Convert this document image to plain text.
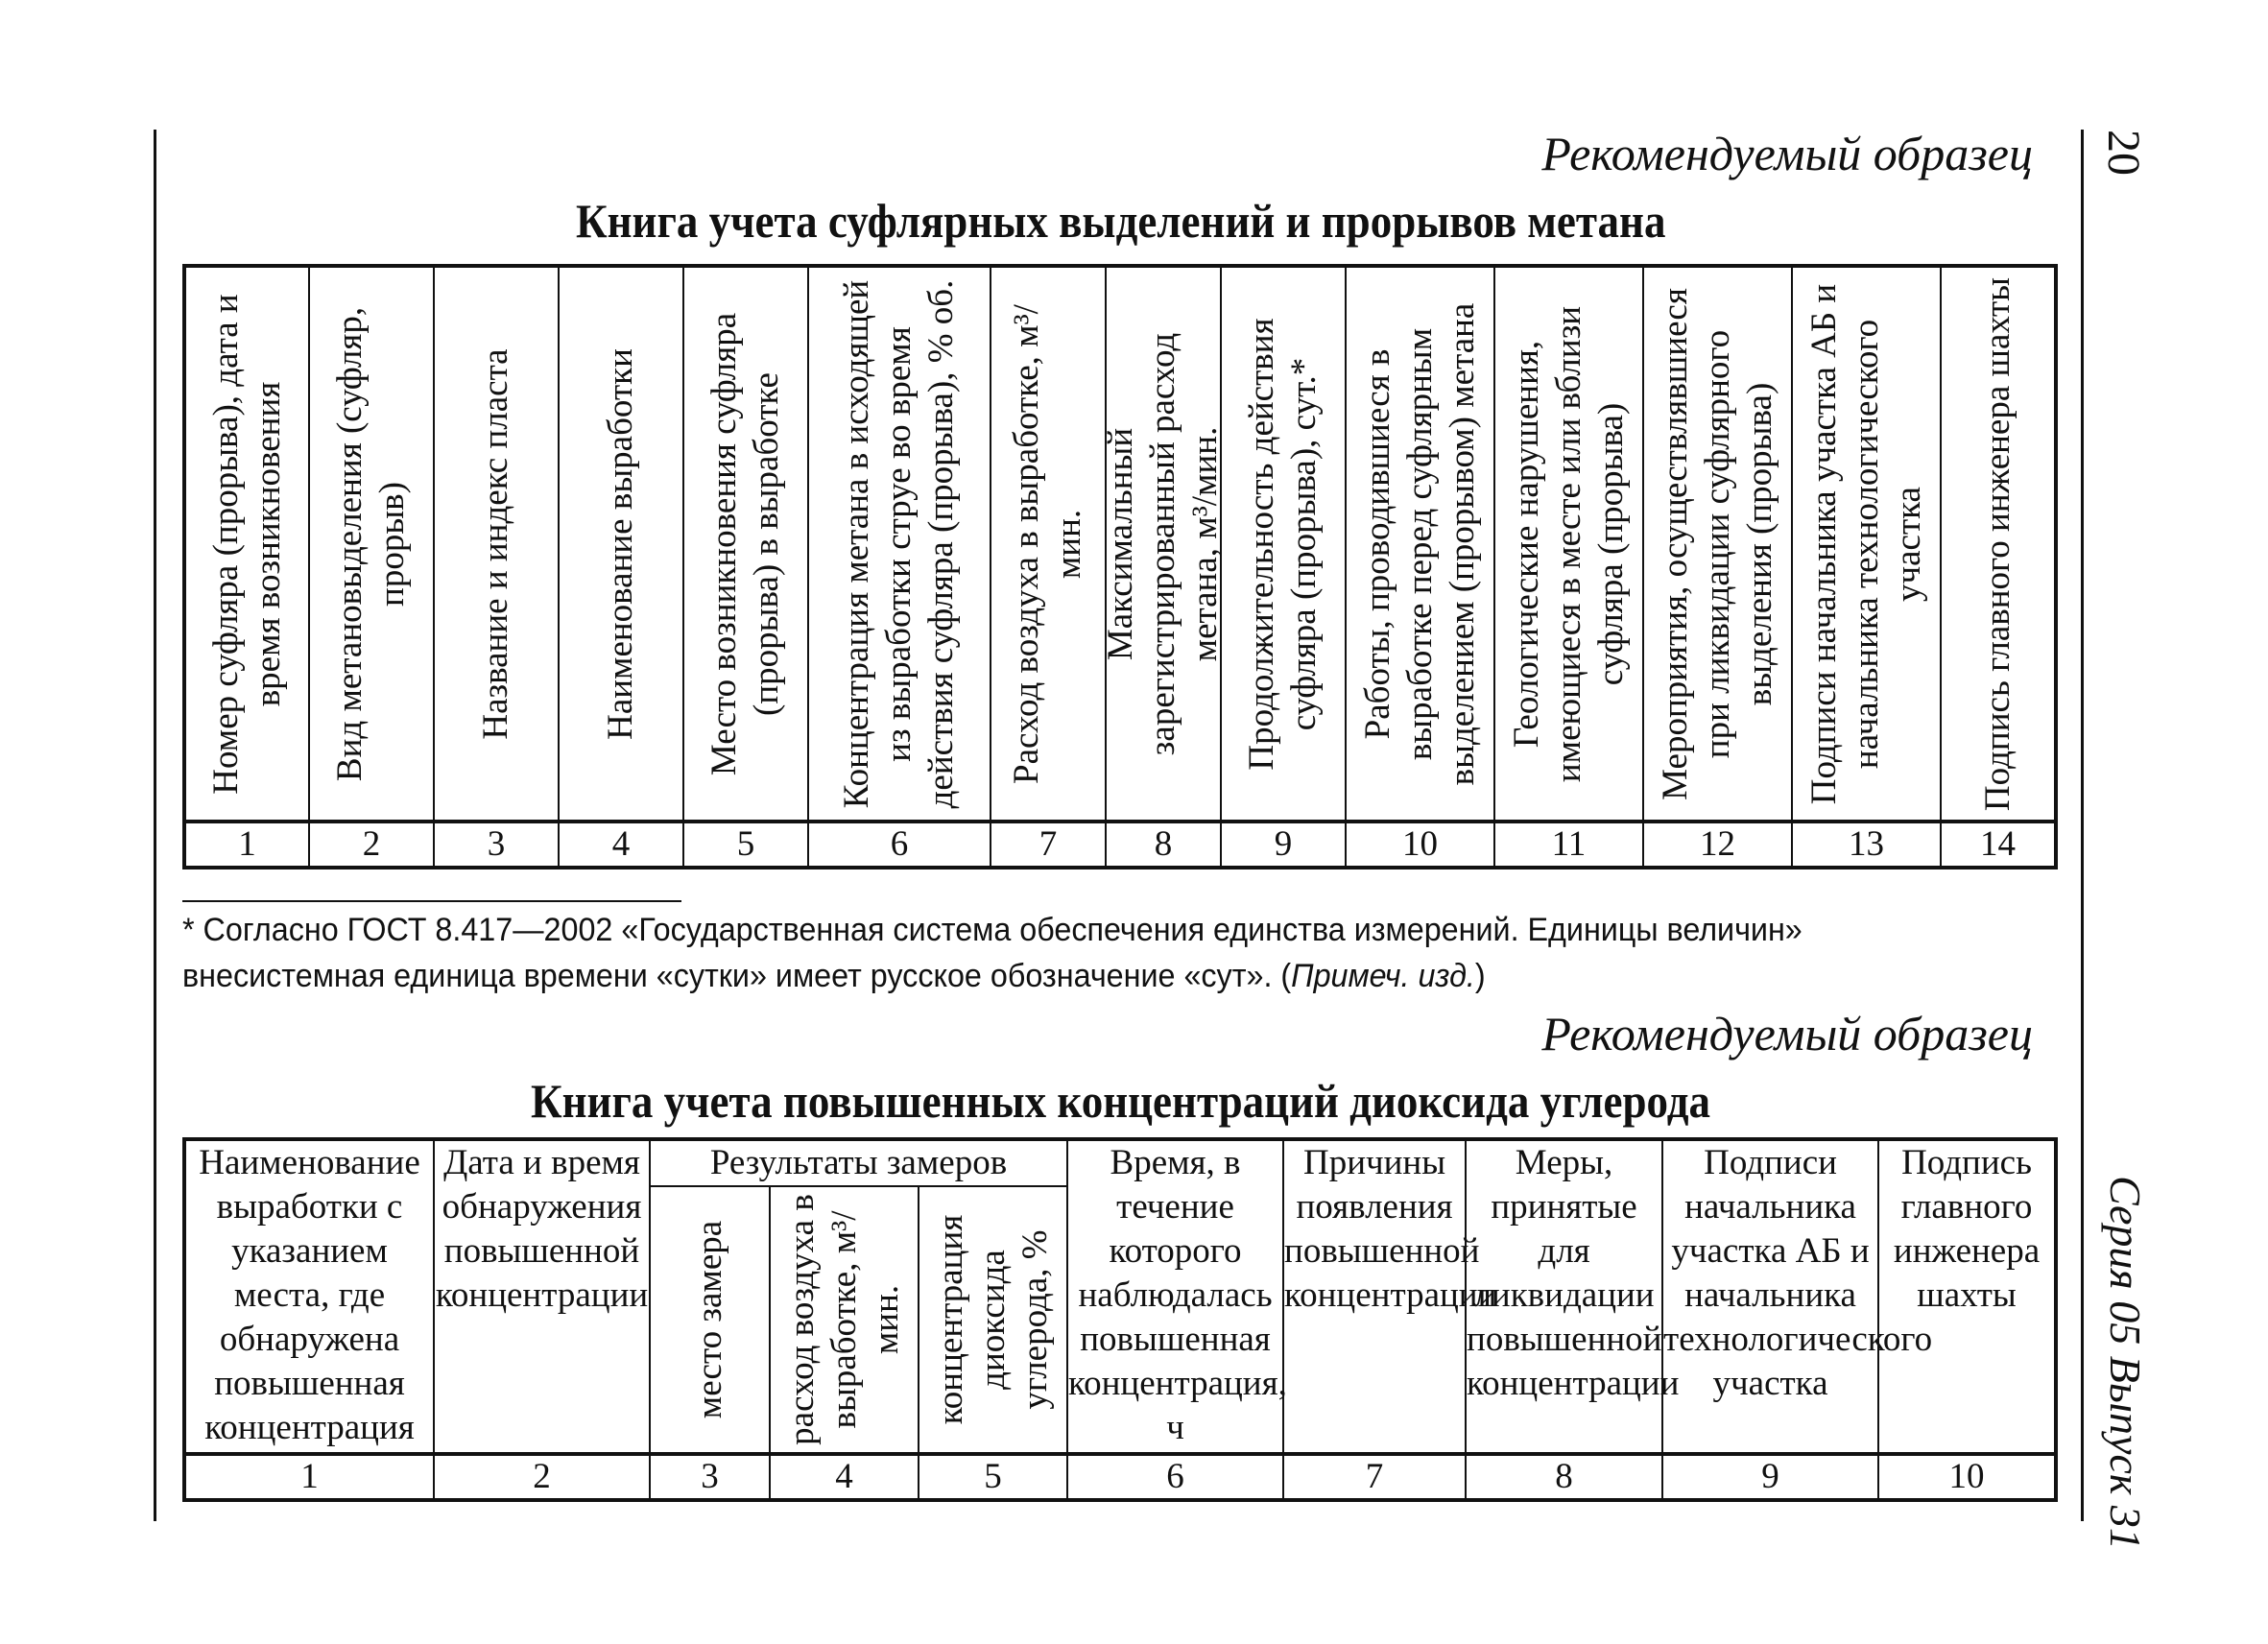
20
Серия 05 Выпуск 31
Рекомендуемый образец
Книга учета суфлярных выделений и прорывов метана
Номер суфляра (прорыва), дата и время возникновения	Вид метановыделения (суфляр, прорыв)	Название и индекс пласта	Наименование выработки	Место возникновения суфляра (прорыва) в выработке	Концентрация метана в исходящей из выработки струе во время действия суфляра (прорыва), % об.	Расход воздуха в выработке, м³/мин.	Максимальный зарегистрированный расход метана, м³/мин.	Продолжительность действия суфляра (прорыва), сут.*	Работы, проводившиеся в выработке перед суфлярным выделением (прорывом) метана	Геологические нарушения, имеющиеся в месте или вблизи суфляра (прорыва)	Мероприятия, осуществлявшиеся при ликвидации суфлярного выделения (прорыва)	Подписи начальника участка АБ и начальника технологического участка	Подпись главного инженера шахты

1	2	3	4	5	6	7	8	9	10	11	12	13	14
* Согласно ГОСТ 8.417—2002 «Государственная система обеспечения единства измерений. Единицы величин» внесистемная единица времени «сутки» имеет русское обозначение «сут». (Примеч. изд.)
Рекомендуемый образец
Книга учета повышенных концентраций диоксида углерода
Наименование выработки с указанием места, где обнаружена повышенная концентрация	Дата и время обнаружения повышенной концентрации	Результаты замеров			Время, в течение которого наблюдалась повышенная концентрация, ч	Причины появления повышенной концентрации	Меры, принятые для ликвидации повышенной концентрации	Подписи начальника участка АБ и начальника технологического участка	Подпись главного инженера шахты

		место замера	расход воздуха в выработке, м³/мин.	концентрация диоксида углерода, %					

1	2	3	4	5	6	7	8	9	10
